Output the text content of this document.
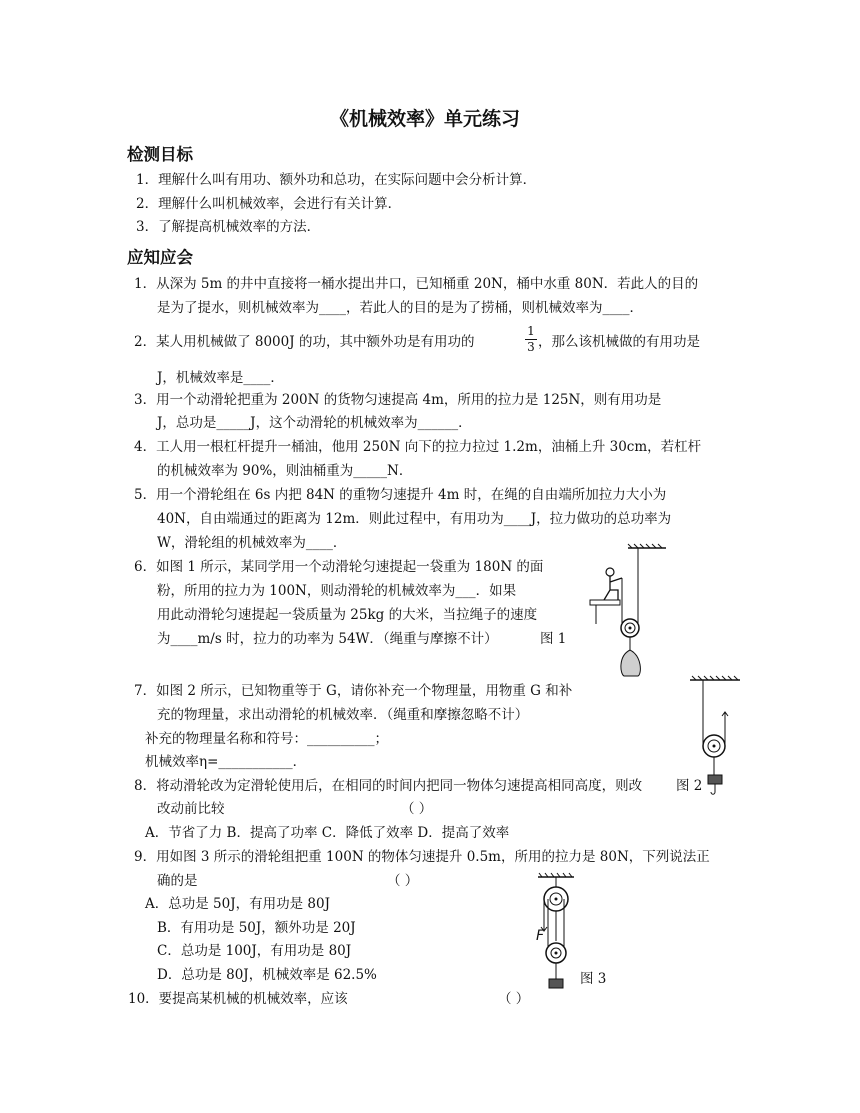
《机械效率》单元练习
检测目标
1．理解什么叫有用功、额外功和总功，在实际问题中会分析计算．
2．理解什么叫机械效率，会进行有关计算．
3．了解提高机械效率的方法．
应知应会
1．从深为 5m 的井中直接将一桶水提出井口，已知桶重 20N，桶中水重 80N．若此人的目的
是为了提水，则机械效率为____，若此人的目的是为了捞桶，则机械效率为____．
2．某人用机械做了 8000J 的功，其中额外功是有用功的
1
3 ，那么该机械做的有用功是
J，机械效率是____．
3．用一个动滑轮把重为 200N 的货物匀速提高 4m，所用的拉力是 125N，则有用功是
J，总功是_____J，这个动滑轮的机械效率为______．
4．工人用一根杠杆提升一桶油，他用 250N 向下的拉力拉过 1.2m，油桶上升 30cm，若杠杆
的机械效率为 90%，则油桶重为_____N．
5．用一个滑轮组在 6s 内把 84N 的重物匀速提升 4m 时，在绳的自由端所加拉力大小为
40N，自由端通过的距离为 12m．则此过程中，有用功为____J，拉力做功的总功率为
W，滑轮组的机械效率为____．
6．如图 1 所示，某同学用一个动滑轮匀速提起一袋重为 180N 的面
粉，所用的拉力为 100N，则动滑轮的机械效率为___．如果
用此动滑轮匀速提起一袋质量为 25kg 的大米，当拉绳子的速度
为____m/s 时，拉力的功率为 54W．（绳重与摩擦不计）	图 1
7．如图 2 所示，已知物重等于 G，请你补充一个物理量，用物重 G 和补
充的物理量，求出动滑轮的机械效率．（绳重和摩擦忽略不计）
补充的物理量名称和符号：__________；
机械效率η=___________．
图 2
8．将动滑轮改为定滑轮使用后，在相同的时间内把同一物体匀速提高相同高度，则改
改动前比较	（ ）
A．节省了力 B．提高了功率 C．降低了效率 D．提高了效率
9．用如图 3 所示的滑轮组把重 100N 的物体匀速提升 0.5m，所用的拉力是 80N，下列说法正
确的是	（ ）
A．总功是 50J，有用功是 80J
B．有用功是 50J，额外功是 20J
C．总功是 100J，有用功是 80J
D．总功是 80J，机械效率是 62.5%
F
图 3
10．要提高某机械的机械效率，应该	（ ）
